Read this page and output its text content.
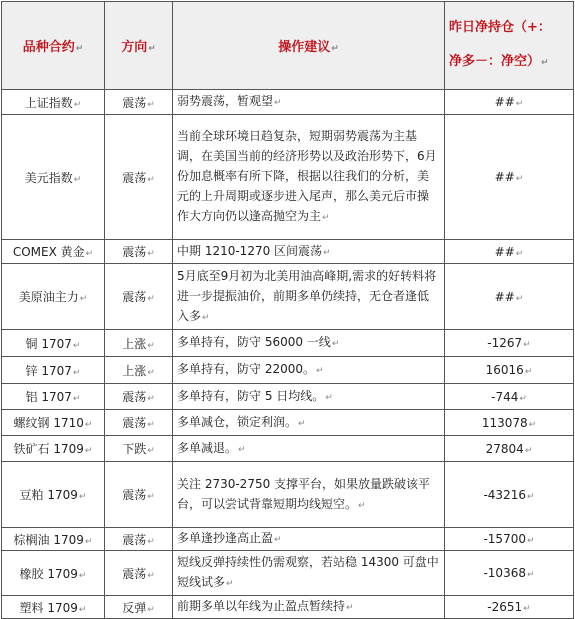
品种合约↵	方向↵	操作建议↵	昨日净持仓（+：
净多－：净空）↵
上证指数↵	震荡↵	弱势震荡，暂观望↵	##↵
美元指数↵	震荡↵	当前全球环境日趋复杂，短期弱势震荡为主基调，在美国当前的经济形势以及政治形势下，6月份加息概率有所下降，根据以往我们的分析，美元的上升周期或逐步进入尾声，那么美元后市操作大方向仍以逢高抛空为主↵	##↵
COMEX 黄金↵	震荡↵	中期 1210-1270 区间震荡↵	##↵
美原油主力↵	震荡↵	5月底至9月初为北美用油高峰期,需求的好转料将进一步提振油价，前期多单仍续持，无仓者逢低入多↵	##↵
铜 1707↵	上涨↵	多单持有，防守 56000 一线↵	-1267↵
锌 1707↵	上涨↵	多单持有，防守 22000。↵	16016↵
铝 1707↵	震荡↵	多单持有，防守 5 日均线。↵	-744↵
螺纹钢 1710↵	震荡↵	多单减仓，锁定利润。↵	113078↵
铁矿石 1709↵	下跌↵	多单减退。↵	27804↵
豆粕 1709↵	震荡↵	关注 2730-2750 支撑平台，如果放量跌破该平台，可以尝试背靠短期均线短空。↵	-43216↵
棕榈油 1709↵	震荡↵	多单逢抄逢高止盈↵	-15700↵
橡胶 1709↵	震荡↵	短线反弹持续性仍需观察，若站稳 14300 可盘中短线试多↵	-10368↵
塑料 1709↵	反弹↵	前期多单以年线为止盈点暂续持↵	-2651↵
